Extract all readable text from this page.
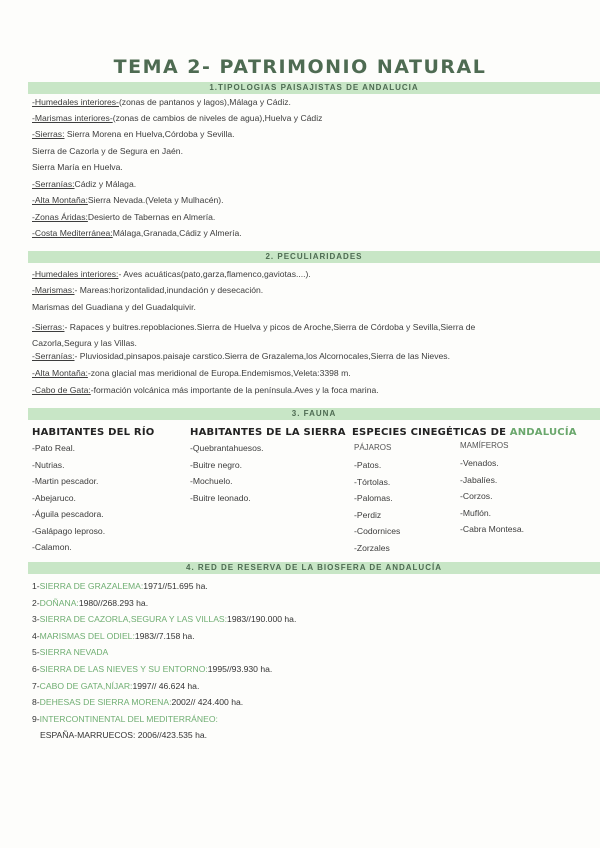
TEMA 2- PATRIMONIO NATURAL
1.TIPOLOGIAS PAISAJISTAS DE ANDALUCIA
-Humedales interiores-(zonas de pantanos y lagos),Málaga y Cádiz.
-Marismas interiores-(zonas de cambios de niveles de agua),Huelva y Cádiz
-Sierras: Sierra Morena en Huelva,Córdoba y Sevilla.
Sierra de Cazorla y de Segura en Jaén.
Sierra María en Huelva.
-Serranías:Cádiz y Málaga.
-Alta Montaña:Sierra Nevada.(Veleta y Mulhacén).
-Zonas Áridas:Desierto de Tabernas en Almería.
-Costa Mediterránea:Málaga,Granada,Cádiz y Almería.
2. PECULIARIDADES
-Humedales interiores:- Aves acuáticas(pato,garza,flamenco,gaviotas....).
-Marismas:- Mareas:horizontalidad,inundación y desecación.
Marismas del Guadiana y del Guadalquivir.
-Sierras:- Rapaces y buitres.repoblaciones.Sierra de Huelva y picos de Aroche,Sierra de Córdoba y Sevilla,Sierra de Cazorla,Segura y las Villas.
-Serranías:- Pluviosidad,pinsapos.paisaje carstico.Sierra de Grazalema,los Alcornocales,Sierra de las Nieves.
-Alta Montaña:-zona glacial mas meridional de Europa.Endemismos,Veleta:3398 m.
-Cabo de Gata:-formación volcánica más importante de la península.Aves y la foca marina.
3. FAUNA
HABITANTES DEL RÍO
-Pato Real.
-Nutrias.
-Martin pescador.
-Abejaruco.
-Águila pescadora.
-Galápago leproso.
-Calamon.
HABITANTES DE LA SIERRA
-Quebrantahuesos.
-Buitre negro.
-Mochuelo.
-Buitre leonado.
ESPECIES CINEGÉTICAS DE ANDALUCÍA
PÁJAROS
-Patos.
-Tórtolas.
-Palomas.
-Perdiz
-Codornices
-Zorzales
MAMÍFEROS
-Venados.
-Jabalíes.
-Corzos.
-Muflón.
-Cabra Montesa.
4. RED DE RESERVA DE LA BIOSFERA DE ANDALUCÍA
1-SIERRA DE GRAZALEMA:1971//51.695 ha.
2-DOÑANA:1980//268.293 ha.
3-SIERRA DE CAZORLA,SEGURA Y LAS VILLAS:1983//190.000 ha.
4-MARISMAS DEL ODIEL:1983//7.158 ha.
5-SIERRA NEVADA
6-SIERRA DE LAS NIEVES Y SU ENTORNO:1995//93.930 ha.
7-CABO DE GATA,NÍJAR:1997// 46.624 ha.
8-DEHESAS DE SIERRA MORENA:2002// 424.400 ha.
9-INTERCONTINENTAL DEL MEDITERRÁNEO:
ESPAÑA-MARRUECOS: 2006//423.535 ha.
